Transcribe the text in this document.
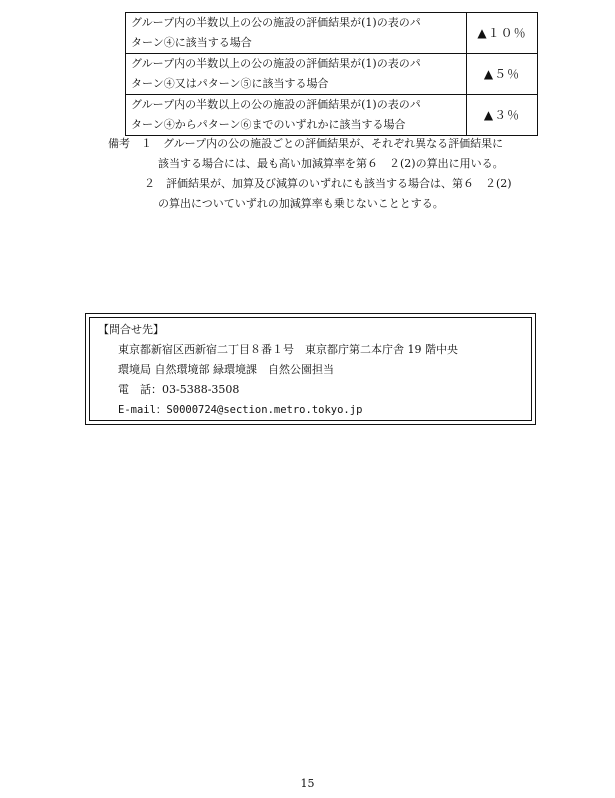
グループ内の半数以上の公の施設の評価結果が(1)の表のパ
ターン④に該当する場合	▲１０％

グループ内の半数以上の公の施設の評価結果が(1)の表のパ
ターン④又はパターン⑤に該当する場合	▲５％

グループ内の半数以上の公の施設の評価結果が(1)の表のパ
ターン④からパターン⑥までのいずれかに該当する場合	▲３％
備考　１　グループ内の公の施設ごとの評価結果が、それぞれ異なる評価結果に
該当する場合には、最も高い加減算率を第６　２(2)の算出に用いる。
２　評価結果が、加算及び減算のいずれにも該当する場合は、第６　２(2)
の算出についていずれの加減算率も乗じないこととする。
【問合せ先】
東京都新宿区西新宿二丁目８番１号　東京都庁第二本庁舎 19 階中央
環境局 自然環境部 緑環境課　自然公園担当
電　話：03-5388-3508
E-mail：S0000724@section.metro.tokyo.jp
15
